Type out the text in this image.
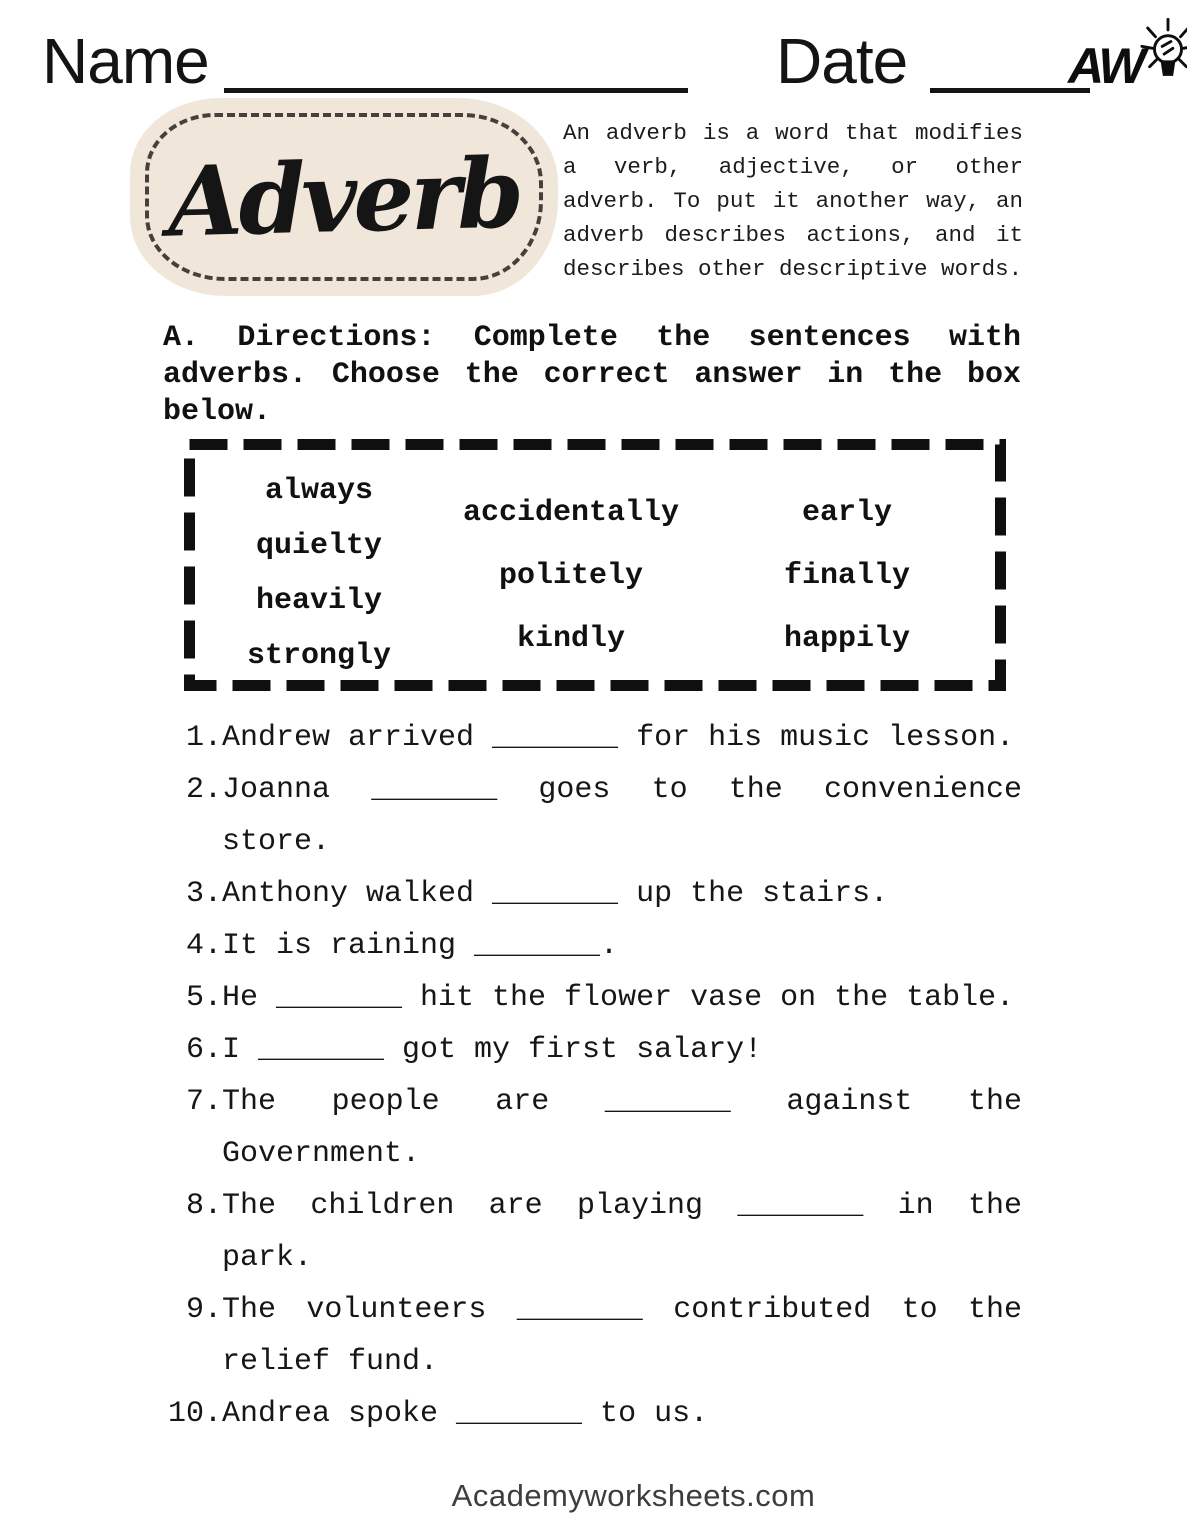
Name	Date	AW
Adverb
An adverb is a word that modifies
a verb, adjective, or other
adverb. To put it another way, an
adverb describes actions, and it
describes other descriptive words.
A. Directions: Complete the sentences with
adverbs. Choose the correct answer in the box
below.
always
quielty
heavily
strongly
accidentally
politely
kindly
early
finally
happily
1. Andrew arrived _______ for his music lesson.
2. Joanna _______ goes to the convenience
store.
3. Anthony walked _______ up the stairs.
4. It is raining _______.
5. He _______ hit the flower vase on the table.
6. I _______ got my first salary!
7. The people are _______ against the
Government.
8. The children are playing _______ in the
park.
9. The volunteers _______ contributed to the
relief fund.
10. Andrea spoke _______ to us.
Academyworksheets.com
